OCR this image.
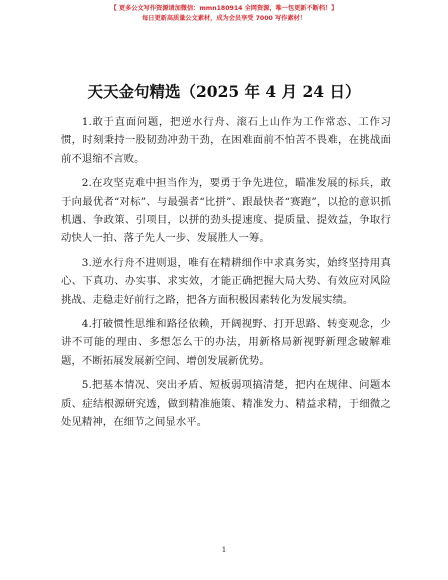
【 更多公文写作资源请加微信：mmn180914 全网资源，唯一包更新不断档！】
每日更新高质量公文素材，成为会员享受 7000 写作素材！
天天金句精选（2025 年 4 月 24 日）

1.敢于直面问题，把逆水行舟、滚石上山作为工作常态、工作习惯，时刻秉持一股韧劲冲劲干劲，在困难面前不怕苦不畏难，在挑战面前不退缩不言败。

2.在攻坚克难中担当作为，要勇于争先进位，瞄准发展的标兵，敢于向最优者“对标”、与最强者“比拼”、跟最快者“赛跑”，以抢的意识抓机遇、争政策、引项目，以拼的劲头提速度、提质量、提效益，争取行动快人一拍、落子先人一步、发展胜人一筹。

3.逆水行舟不进则退，唯有在精耕细作中求真务实，始终坚持用真心、下真功、办实事、求实效，才能正确把握大局大势、有效应对风险挑战、走稳走好前行之路，把各方面积极因素转化为发展实绩。

4.打破惯性思维和路径依赖，开阔视野、打开思路、转变观念，少讲不可能的理由、多想怎么干的办法，用新格局新视野新理念破解难题，不断拓展发展新空间、增创发展新优势。

5.把基本情况、突出矛盾、短板弱项搞清楚，把内在规律、问题本质、症结根源研究透，做到精准施策、精准发力、精益求精，于细微之处见精神，在细节之间显水平。

1
